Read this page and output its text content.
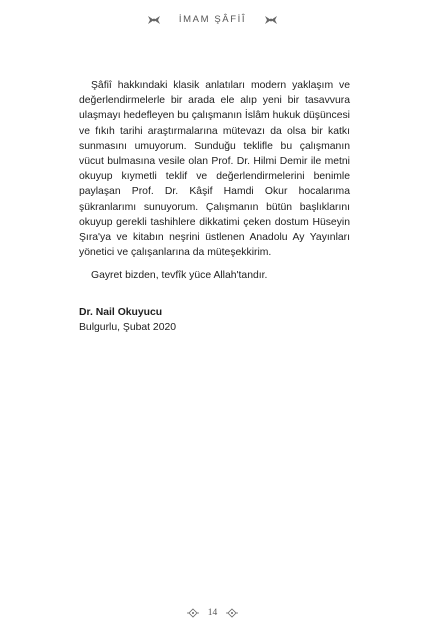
İMAM ŞÂFİÎ

Şâfiî hakkındaki klasik anlatıları modern yaklaşım ve değerlendirmelerle bir arada ele alıp yeni bir tasavvura ulaşmayı hedefleyen bu çalışmanın İslâm hukuk düşüncesi ve fıkıh tarihi araştırmalarına mütevazı da olsa bir katkı sunmasını umuyorum. Sunduğu teklifle bu çalışmanın vücut bulmasına vesile olan Prof. Dr. Hilmi Demir ile metni okuyup kıymetli teklif ve değerlendirmelerini benimle paylaşan Prof. Dr. Kâşif Hamdi Okur hocalarıma şükranlarımı sunuyorum. Çalışmanın bütün başlıklarını okuyup gerekli tashihlere dikkatimi çeken dostum Hüseyin Şıra'ya ve kitabın neşrini üstlenen Anadolu Ay Yayınları yönetici ve çalışanlarına da müteşekkirim.

Gayret bizden, tevfîk yüce Allah'tandır.

Dr. Nail Okuyucu
Bulgurlu, Şubat 2020
14
